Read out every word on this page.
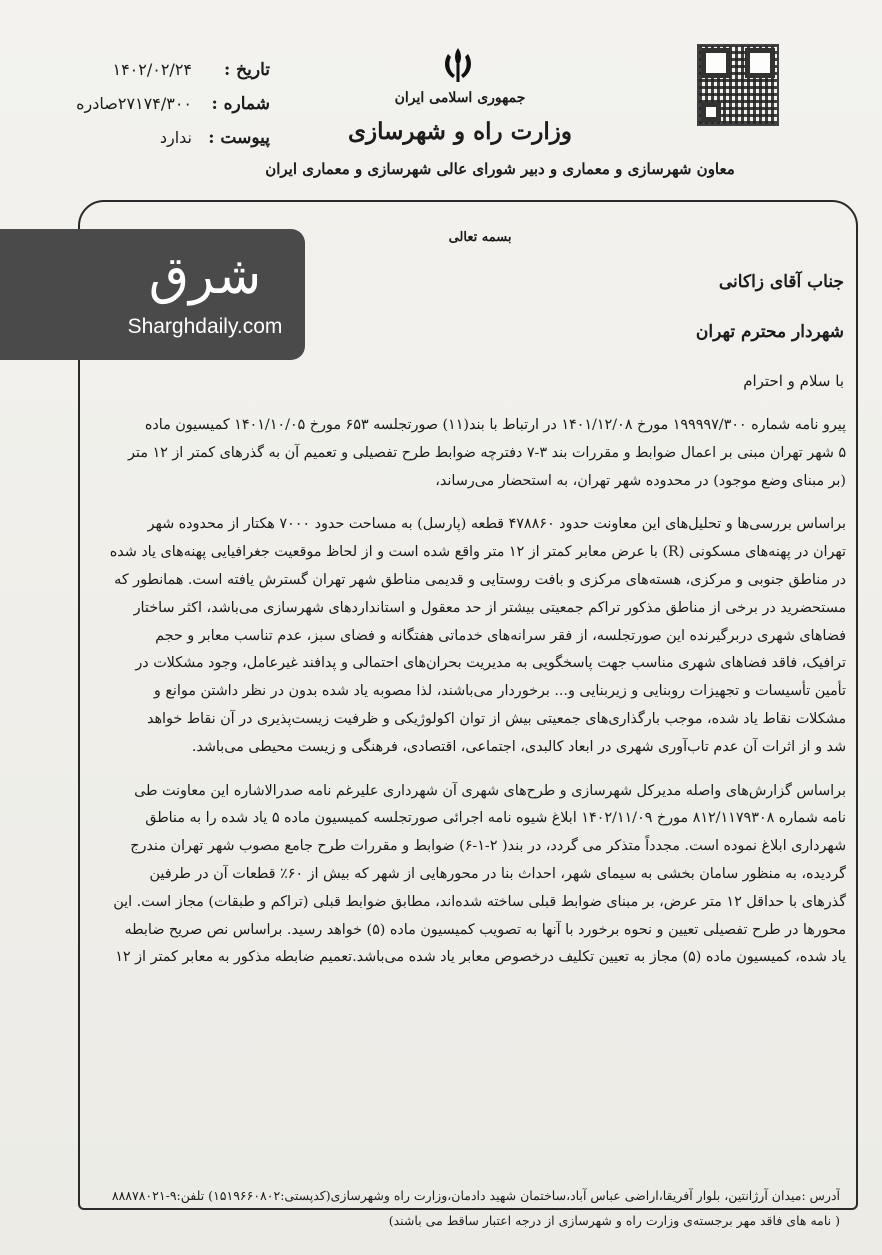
تاریخ :
۱۴۰۲/۰۲/۲۴
شماره :
۲۷۱۷۴/۳۰۰صادره
پیوست :
ندارد
جمهوری اسلامی ایران
وزارت راه و شهرسازی
معاون شهرسازی و معماری و دبیر شورای عالی شهرسازی و معماری ایران
بسمه تعالی
جناب آقای زاکانی
شهردار محترم تهران
با سلام و احترام

پیرو نامه شماره ۱۹۹۹۹۷/۳۰۰ مورخ ۱۴۰۱/۱۲/۰۸ در ارتباط با بند(۱۱) صورتجلسه ۶۵۳ مورخ ۱۴۰۱/۱۰/۰۵ کمیسیون ماده

۵ شهر تهران مبنی بر اعمال ضوابط و مقررات بند ۳-۷ دفترچه ضوابط طرح تفصیلی و تعمیم آن به گذرهای کمتر از ۱۲ متر

(بر مبنای وضع موجود) در محدوده شهر تهران، به استحضار می‌رساند،

براساس بررسی‌ها و تحلیل‌های این معاونت حدود ۴۷۸۸۶۰ قطعه (پارسل) به مساحت حدود ۷۰۰۰ هکتار از محدوده شهر

تهران در پهنه‌های مسکونی (R) با عرض معابر کمتر از ۱۲ متر واقع شده است و از لحاظ موقعیت جغرافیایی پهنه‌های یاد شده

در مناطق جنوبی و مرکزی، هسته‌های مرکزی و بافت روستایی و قدیمی مناطق شهر تهران گسترش یافته است. همانطور که

مستحضرید در برخی از مناطق مذکور تراکم جمعیتی بیشتر از حد معقول و استانداردهای شهرسازی می‌باشد، اکثر ساختار

فضاهای شهری دربرگیرنده این صورتجلسه، از فقر سرانه‌های خدماتی هفتگانه و فضای سبز، عدم تناسب معابر و حجم

ترافیک، فاقد فضاهای شهری مناسب جهت پاسخگویی به مدیریت بحران‌های احتمالی و پدافند غیرعامل، وجود مشکلات در

تأمین تأسیسات و تجهیزات روبنایی و زیربنایی و... برخوردار می‌باشند، لذا مصوبه یاد شده بدون در نظر داشتن موانع و

مشکلات نقاط یاد شده، موجب بارگذاری‌های جمعیتی بیش از توان اکولوژیکی و ظرفیت زیست‌پذیری در آن نقاط خواهد

شد و از اثرات آن عدم تاب‌آوری شهری در ابعاد کالبدی، اجتماعی، اقتصادی، فرهنگی و زیست محیطی می‌باشد.

براساس گزارش‌های واصله مدیرکل شهرسازی و طرح‌های شهری آن شهرداری علیرغم نامه صدرالاشاره این معاونت طی

نامه شماره ۸۱۲/۱۱۷۹۳۰۸ مورخ ۱۴۰۲/۱۱/۰۹ ابلاغ شیوه نامه اجرائی صورتجلسه کمیسیون ماده ۵ یاد شده را به مناطق

شهرداری ابلاغ نموده است. مجدداً متذکر می گردد، در بند( ۲-۱-۶) ضوابط و مقررات طرح جامع مصوب شهر تهران مندرج

گردیده، به منظور سامان بخشی به سیمای شهر، احداث بنا در محورهایی از شهر که بیش از ۶۰٪ قطعات آن در طرفین

گذرهای با حداقل ۱۲ متر عرض، بر مبنای ضوابط قبلی ساخته شده‌اند، مطابق ضوابط قبلی (تراکم و طبقات) مجاز است. این

محورها در طرح تفصیلی تعیین و نحوه برخورد با آنها به تصویب کمیسیون ماده (۵) خواهد رسید. براساس نص صریح ضابطه

یاد شده، کمیسیون ماده (۵) مجاز به تعیین تکلیف درخصوص معابر یاد شده می‌باشد.تعمیم ضابطه مذکور به معابر کمتر از ۱۲

آدرس :میدان آرژانتین، بلوار آفریقا،اراضی عباس آباد،ساختمان شهید دادمان،وزارت راه وشهرسازی(کدپستی:۱۵۱۹۶۶۰۸۰۲) تلفن:۹-۸۸۸۷۸۰۲۱
( نامه های فاقد مهر برجسته‌ی وزارت راه و شهرسازی از درجه اعتبار ساقط می باشند)
شرق
Sharghdaily.com
